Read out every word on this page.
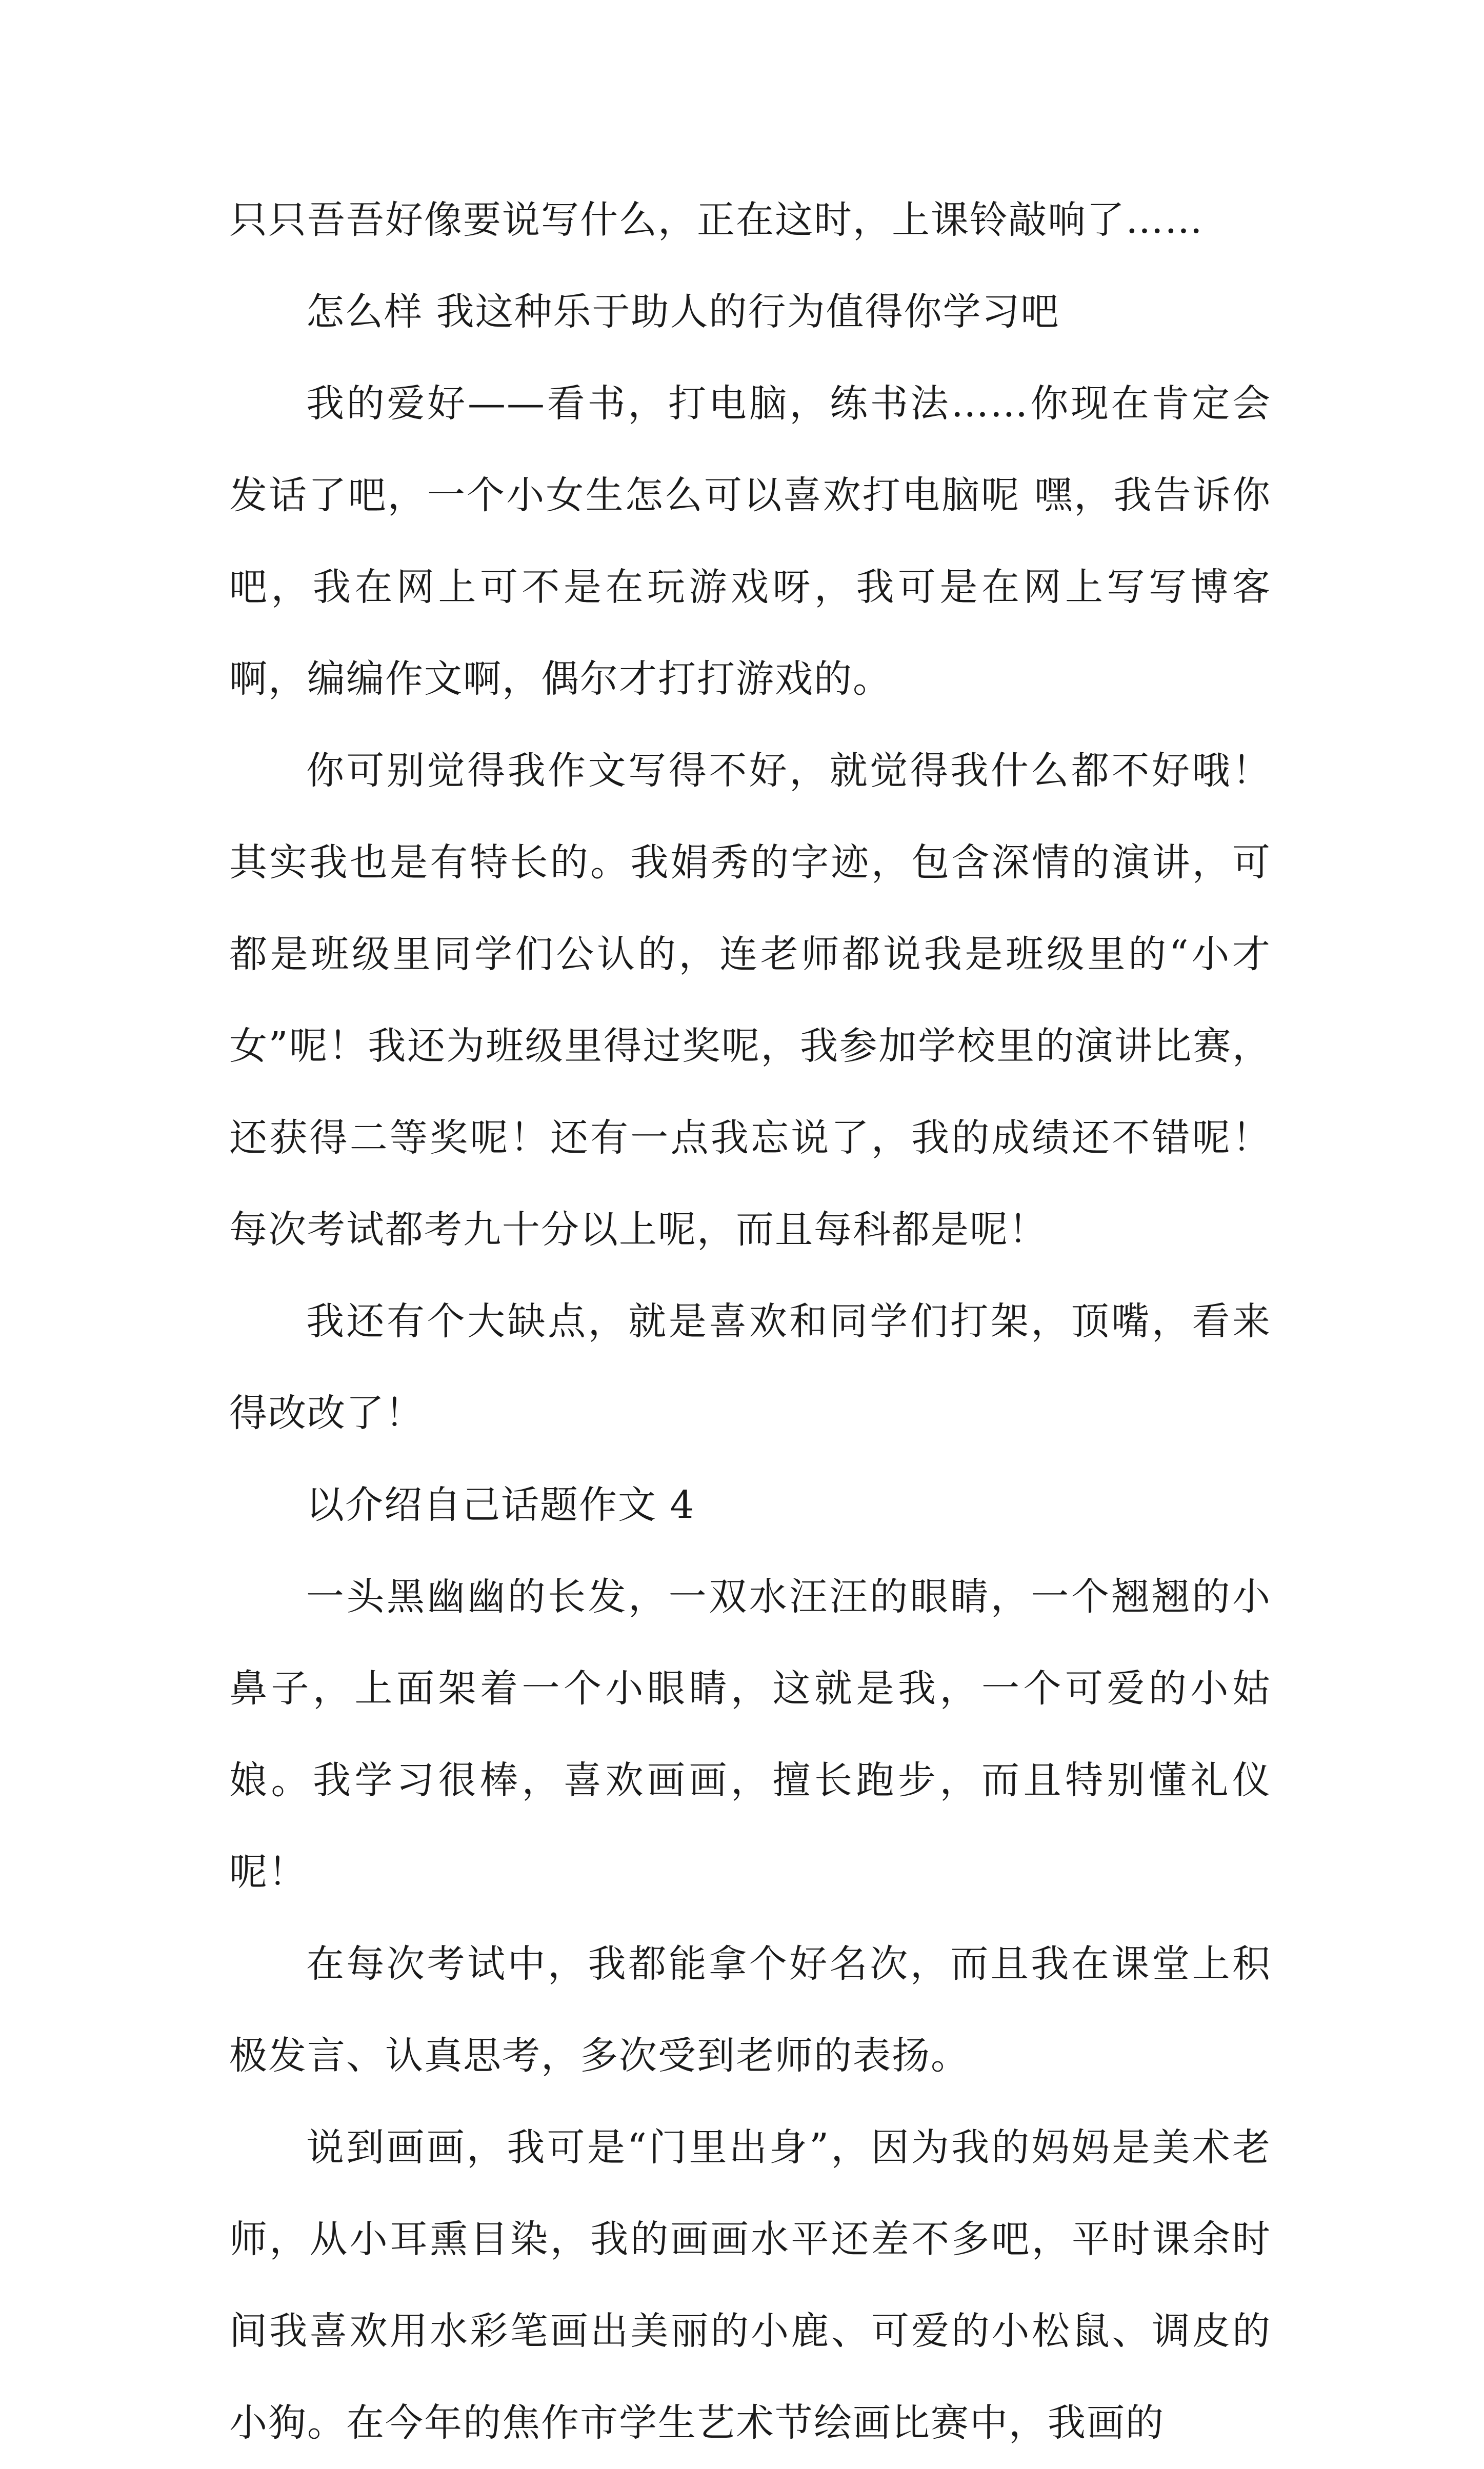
只只吾吾好像要说写什么，正在这时，上课铃敲响了……

怎么样 我这种乐于助人的行为值得你学习吧

我的爱好——看书，打电脑，练书法……你现在肯定会发话了吧，一个小女生怎么可以喜欢打电脑呢 嘿，我告诉你吧，我在网上可不是在玩游戏呀，我可是在网上写写博客啊，编编作文啊，偶尔才打打游戏的。

你可别觉得我作文写得不好，就觉得我什么都不好哦！其实我也是有特长的。我娟秀的字迹，包含深情的演讲，可都是班级里同学们公认的，连老师都说我是班级里的“小才女”呢！我还为班级里得过奖呢，我参加学校里的演讲比赛，还获得二等奖呢！还有一点我忘说了，我的成绩还不错呢！每次考试都考九十分以上呢，而且每科都是呢！

我还有个大缺点，就是喜欢和同学们打架，顶嘴，看来得改改了！

以介绍自己话题作文 4

一头黑幽幽的长发，一双水汪汪的眼睛，一个翘翘的小鼻子，上面架着一个小眼睛，这就是我，一个可爱的小姑娘。我学习很棒，喜欢画画，擅长跑步，而且特别懂礼仪呢！

在每次考试中，我都能拿个好名次，而且我在课堂上积极发言、认真思考，多次受到老师的表扬。

说到画画，我可是“门里出身”，因为我的妈妈是美术老师，从小耳熏目染，我的画画水平还差不多吧，平时课余时间我喜欢用水彩笔画出美丽的小鹿、可爱的小松鼠、调皮的小狗。在今年的焦作市学生艺术节绘画比赛中，我画的
